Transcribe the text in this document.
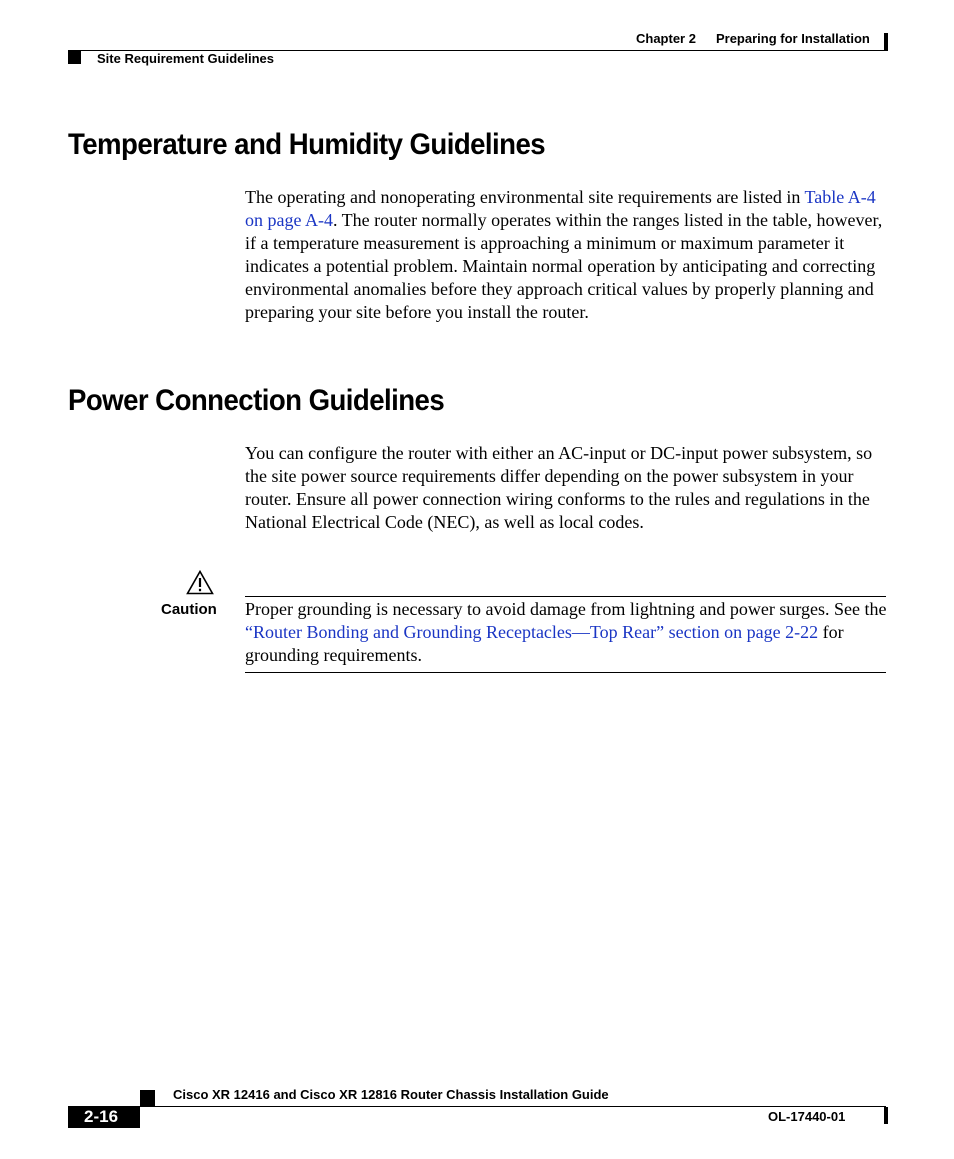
Chapter 2 Preparing for Installation
Site Requirement Guidelines
Temperature and Humidity Guidelines

The operating and nonoperating environmental site requirements are listed in Table A-4 on page A-4. The router normally operates within the ranges listed in the table, however, if a temperature measurement is approaching a minimum or maximum parameter it indicates a potential problem. Maintain normal operation by anticipating and correcting environmental anomalies before they approach critical values by properly planning and preparing your site before you install the router.

Power Connection Guidelines

You can configure the router with either an AC-input or DC-input power subsystem, so the site power source requirements differ depending on the power subsystem in your router. Ensure all power connection wiring conforms to the rules and regulations in the National Electrical Code (NEC), as well as local codes.

Caution Proper grounding is necessary to avoid damage from lightning and power surges. See the “Router Bonding and Grounding Receptacles—Top Rear” section on page 2-22 for grounding requirements.

Cisco XR 12416 and Cisco XR 12816 Router Chassis Installation Guide
2-16	OL-17440-01
